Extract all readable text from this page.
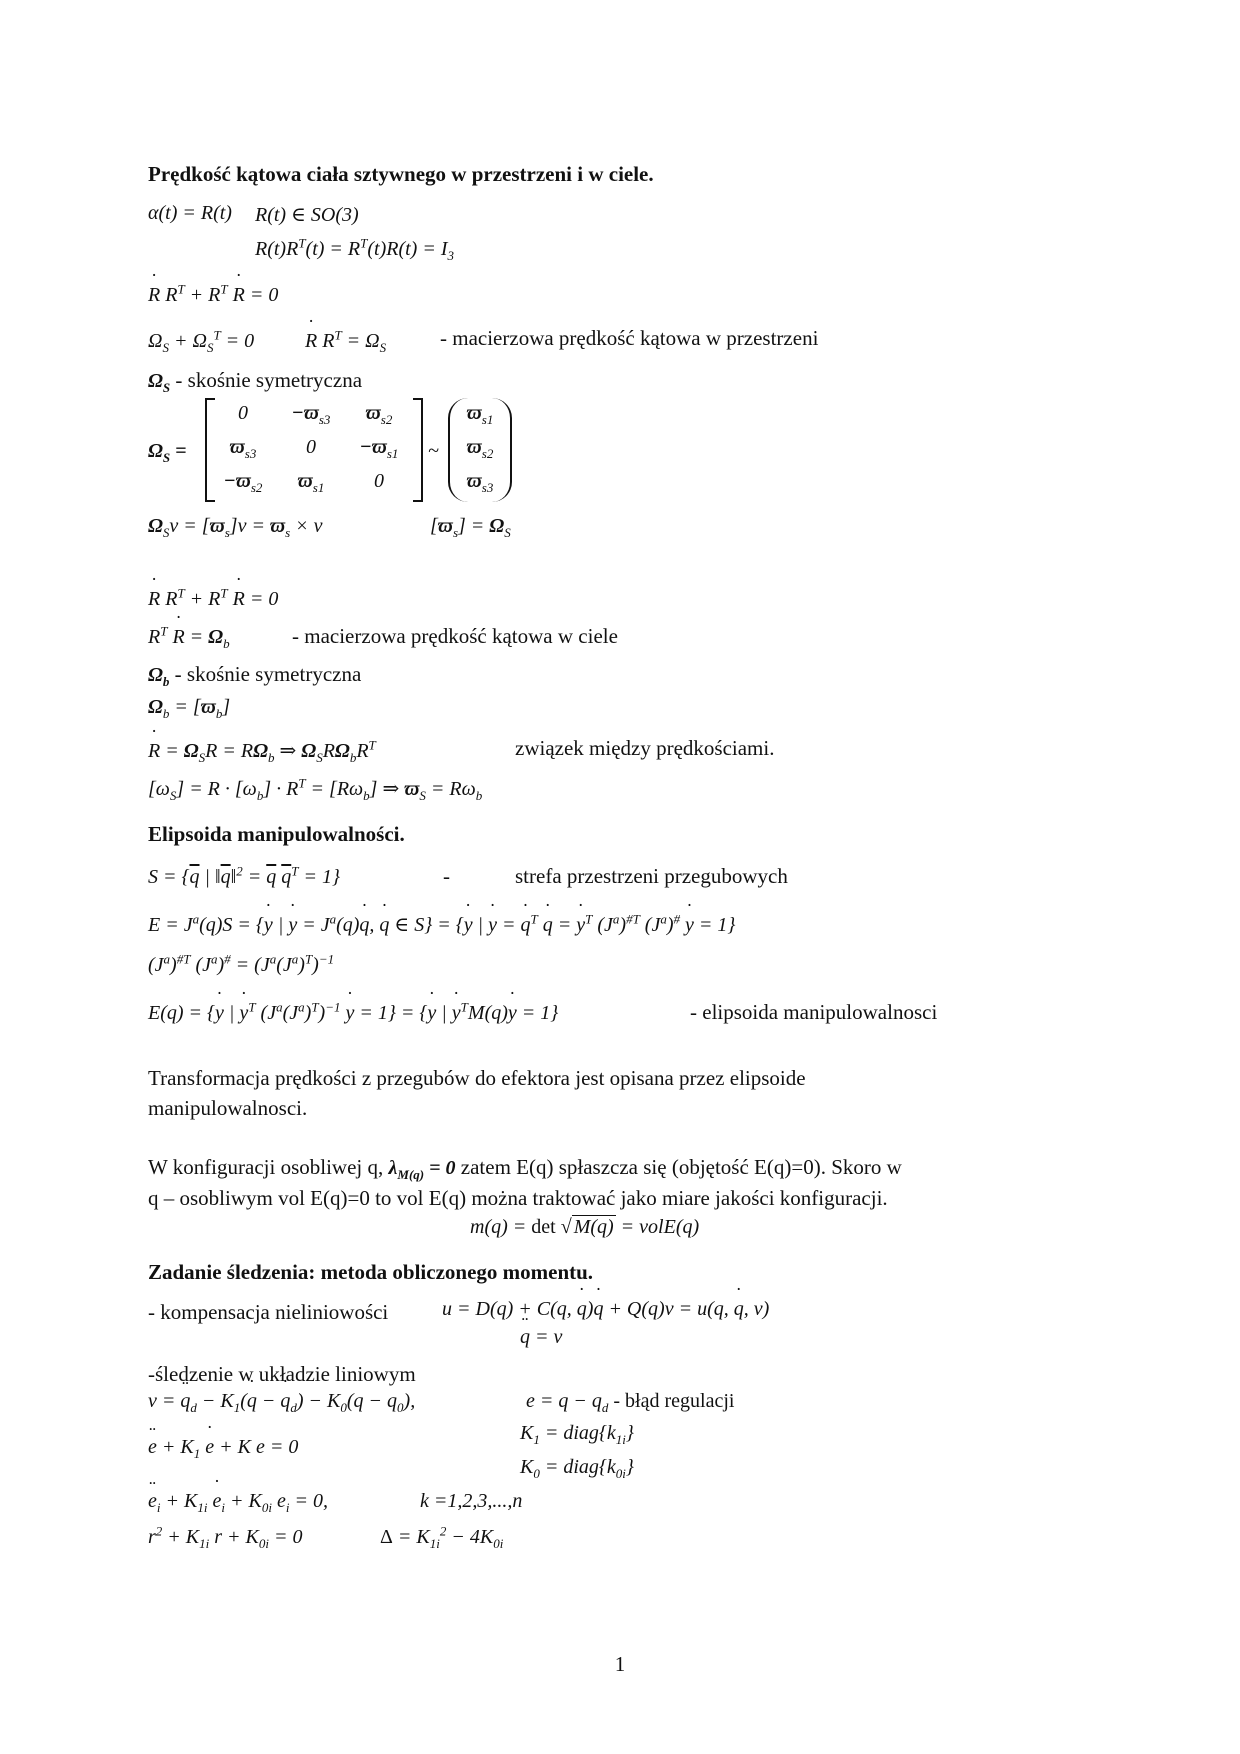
Prędkość kątowa ciała sztywnego w przestrzeni i w ciele.
α(t) = R(t) R(t) ∈ SO(3)
$R(t)R^T(t) = R^T(t)R(t) = I_3$
˙ R $R^T + R^T$ ˙ R = 0
$\Omega_S + \Omega_S^T = 0$	˙ R $R^T = \Omega_S$	- macierzowa prędkość kątowa w przestrzeni
$\Omega_S$ - skośnie symetryczna
$\Omega_S$ =
0	$-ϖ_{s3}$	$ϖ_{s2}$
$ϖ_{s3}$	0	$-ϖ_{s1}$
$-ϖ_{s2}$	$ϖ_{s1}$	0
~
$ϖ_{s1}$
$ϖ_{s2}$
$ϖ_{s3}$
$\Omega_Sv = [ϖ_s]v = ϖ_s \times v$	$[ϖ_s] = \Omega_S$
˙ R $R^T + R^T$ ˙ R = 0
$R^T$ ˙ $R = \Omega_b$	- macierzowa prędkość kątowa w ciele
$\Omega_b$ - skośnie symetryczna
$\Omega_b = [ϖ_b]$
˙ $R = \Omega_SR = R\Omega_b$ ⇒ $\Omega_SR\Omega_bR^T$	związek między prędkościami.
$[\omega_S] = R \cdot [\omega_b] \cdot R^T = [R\omega_b]$ ⇒ $ϖ_S = R\omega_b$
Elipsoida manipulowalności.
$S = \{\overline{q}$ | $‖\overline{q}‖^2 = \overline{q}$ $\overline{q}^T = 1$}	-	strefa przestrzeni przegubowych
$E = J^a(q)S$ = {˙ y | ˙ $y = J^a(q)˙$ q, ˙ q ∈ S} = {˙ y | ˙ y = ˙ $q^T$ ˙ q = ˙ $y^T$ $(J^a)^{\#T}$ $(J^a)^{\#}$ ˙ y = 1}
$(J^a)^{\#T}$ $(J^a)^{\#} = (J^a(J^a)^T)^{-1}$
E(q) = {˙ y | ˙ $y^T$ $(J^a(J^a)^T)^{-1}$ ˙ y = 1} = {˙ y | ˙ $y^TM(q)˙$ y = 1}	- elipsoida manipulowalnosci
Transformacja prędkości z przegubów do efektora jest opisana przez elipsoide
manipulowalnosci.
W konfiguracji osobliwej q, $\lambda_{M(q)} = 0$ zatem E(q) spłaszcza się (objętość E(q)=0). Skoro w
q – osobliwym vol E(q)=0 to vol E(q) można traktować jako miare jakości konfiguracji.
m(q) = det √ M(q) = volE(q)
Zadanie śledzenia: metoda obliczonego momentu.
- kompensacja nieliniowości	u = D(q) + C(q, ˙ q)˙ q + Q(q)v = u(q, ˙ q, v)
¨ q = v
-śledzenie w układzie liniowym
v = ¨ $q_d$ − $K_1(˙$ q − ˙ $q_d) - K_0(q - q_0)$,	$e = q - q_d$ - błąd regulacji
$K_1$ = $diag\{k_{1i}\}$
¨ $e + K_1$ ˙ e + K e = 0
$K_0$ = $diag\{k_{0i}\}$
¨ $e_i + K_{1i}$ ˙ $e_i + K_{0i}$ $e_i = 0$,	k =1,2,3,...,n
$r^2 + K_{1i}$ $r + K_{0i} = 0$	$\Delta = K_{1i}^2 - 4K_{0i}$
1
